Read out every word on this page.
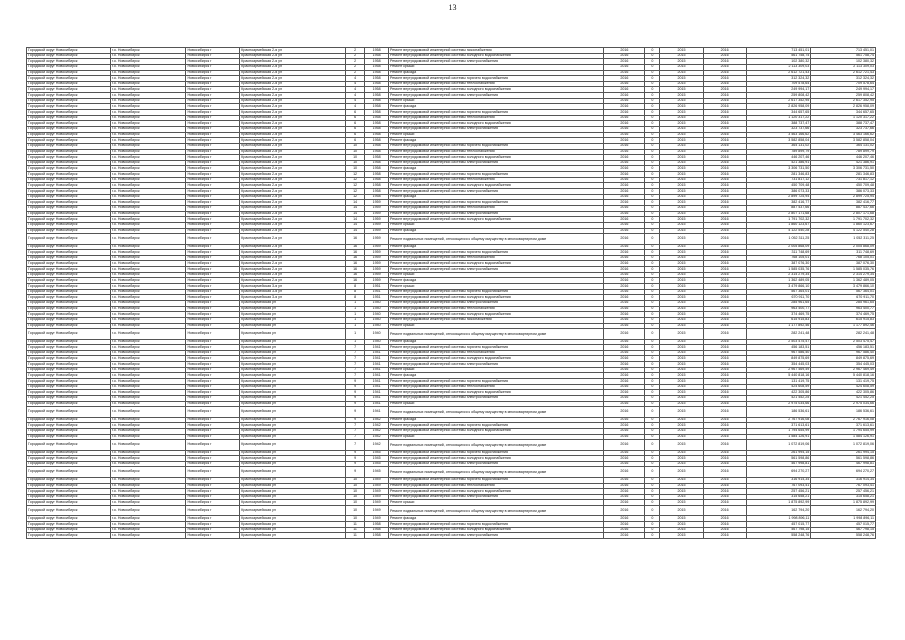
13
Городской округ Новосибирск	г.о. Новосибирск	Новосибирск г	Красноармейская 2-я ул	2	1958	Ремонт внутридомовой инженерной системы газоснабжения	2016	0	2015	2016	713 451,01	713 451,01
Городской округ Новосибирск	г.о. Новосибирск	Новосибирск г	Красноармейская 2-я ул	2	1958	Ремонт внутридомовой инженерной системы холодного водоснабжения	2016	0	2015	2016	561 758,74	561 758,74
Городской округ Новосибирск	г.о. Новосибирск	Новосибирск г	Красноармейская 2-я ул	2	1958	Ремонт внутридомовой инженерной системы электроснабжения	2016	0	2015	2016	102 380,32	102 380,32
Городской округ Новосибирск	г.о. Новосибирск	Новосибирск г	Красноармейская 2-я ул	2	1958	Ремонт крыши	2016	0	2015	2016	2 113 309,03	2 113 309,03
Городской округ Новосибирск	г.о. Новосибирск	Новосибирск г	Красноармейская 2-я ул	2	1958	Ремонт фасада	2016	0	2015	2016	2 612 721,43	2 612 721,43
Городской округ Новосибирск	г.о. Новосибирск	Новосибирск г	Красноармейская 2-я ул	4	1958	Ремонт внутридомовой инженерной системы горячего водоснабжения	2016	0	2015	2016	312 324,32	312 324,32
Городской округ Новосибирск	г.о. Новосибирск	Новосибирск г	Красноармейская 2-я ул	4	1958	Ремонт внутридомовой инженерной системы теплоснабжения	2016	0	2015	2016	709 578,64	709 578,64
Городской округ Новосибирск	г.о. Новосибирск	Новосибирск г	Красноармейская 2-я ул	4	1958	Ремонт внутридомовой инженерной системы холодного водоснабжения	2016	0	2015	2016	249 994,17	249 994,17
Городской округ Новосибирск	г.о. Новосибирск	Новосибирск г	Красноармейская 2-я ул	4	1958	Ремонт внутридомовой инженерной системы электроснабжения	2016	0	2015	2016	259 808,42	259 808,42
Городской округ Новосибирск	г.о. Новосибирск	Новосибирск г	Красноармейская 2-я ул	4	1958	Ремонт крыши	2016	0	2015	2016	2 617 352,95	2 617 352,95
Городской округ Новосибирск	г.о. Новосибирск	Новосибирск г	Красноармейская 2-я ул	4	1958	Ремонт фасада	2016	0	2015	2016	2 826 958,09	2 826 958,09
Городской округ Новосибирск	г.о. Новосибирск	Новосибирск г	Красноармейская 2-я ул	6	1958	Ремонт внутридомовой инженерной системы горячего водоснабжения	2016	0	2015	2016	344 657,65	344 657,65
Городской округ Новосибирск	г.о. Новосибирск	Новосибирск г	Красноармейская 2-я ул	6	1958	Ремонт внутридомовой инженерной системы теплоснабжения	2016	0	2015	2016	1 120 317,22	1 120 317,22
Городской округ Новосибирск	г.о. Новосибирск	Новосибирск г	Красноармейская 2-я ул	6	1958	Ремонт внутридомовой инженерной системы холодного водоснабжения	2016	0	2015	2016	388 737,47	388 737,47
Городской округ Новосибирск	г.о. Новосибирск	Новосибирск г	Красноармейская 2-я ул	6	1958	Ремонт внутридомовой инженерной системы электроснабжения	2016	0	2015	2016	323 737,66	323 737,66
Городской округ Новосибирск	г.о. Новосибирск	Новосибирск г	Красноармейская 2-я ул	6	1958	Ремонт крыши	2016	0	2015	2016	3 463 166,62	3 463 166,62
Городской округ Новосибирск	г.о. Новосибирск	Новосибирск г	Красноармейская 2-я ул	6	1958	Ремонт фасада	2016	0	2015	2016	3 582 858,04	3 582 858,04
Городской округ Новосибирск	г.о. Новосибирск	Новосибирск г	Красноармейская 2-я ул	10	1958	Ремонт внутридомовой инженерной системы горячего водоснабжения	2016	0	2015	2016	364 131,02	364 131,02
Городской округ Новосибирск	г.о. Новосибирск	Новосибирск г	Красноармейская 2-я ул	10	1958	Ремонт внутридомовой инженерной системы теплоснабжения	2016	0	2015	2016	789 899,79	789 899,79
Городской округ Новосибирск	г.о. Новосибирск	Новосибирск г	Красноармейская 2-я ул	10	1958	Ремонт внутридомовой инженерной системы холодного водоснабжения	2016	0	2015	2016	446 207,46	446 207,46
Городской округ Новосибирск	г.о. Новосибирск	Новосибирск г	Красноармейская 2-я ул	10	1958	Ремонт внутридомовой инженерной системы электроснабжения	2016	0	2015	2016	421 386,91	421 386,91
Городской округ Новосибирск	г.о. Новосибирск	Новосибирск г	Красноармейская 2-я ул	10	1958	Ремонт фасада	2016	0	2015	2016	3 306 731,50	3 306 731,50
Городской округ Новосибирск	г.о. Новосибирск	Новосибирск г	Красноармейская 2-я ул	12	1958	Ремонт внутридомовой инженерной системы горячего водоснабжения	2016	0	2015	2016	281 346,83	281 346,83
Городской округ Новосибирск	г.о. Новосибирск	Новосибирск г	Красноармейская 2-я ул	12	1958	Ремонт внутридомовой инженерной системы теплоснабжения	2016	0	2015	2016	731 817,12	731 817,12
Городской округ Новосибирск	г.о. Новосибирск	Новосибирск г	Красноармейская 2-я ул	12	1958	Ремонт внутридомовой инженерной системы холодного водоснабжения	2016	0	2015	2016	450 709,48	450 709,48
Городской округ Новосибирск	г.о. Новосибирск	Новосибирск г	Красноармейская 2-я ул	12	1958	Ремонт внутридомовой инженерной системы электроснабжения	2016	0	2015	2016	386 073,33	386 073,33
Городской округ Новосибирск	г.о. Новосибирск	Новосибирск г	Красноармейская 2-я ул	12	1958	Ремонт фасада	2016	0	2015	2016	2 899 725,94	2 899 725,94
Городской округ Новосибирск	г.о. Новосибирск	Новосибирск г	Красноармейская 2-я ул	14	1959	Ремонт внутридомовой инженерной системы горячего водоснабжения	2016	0	2015	2016	382 416,77	382 416,77
Городской округ Новосибирск	г.о. Новосибирск	Новосибирск г	Красноармейская 2-я ул	14	1959	Ремонт внутридомовой инженерной системы теплоснабжения	2016	0	2015	2016	887 437,66	887 437,66
Городской округ Новосибирск	г.о. Новосибирск	Новосибирск г	Красноармейская 2-я ул	14	1959	Ремонт внутридомовой инженерной системы электроснабжения	2016	0	2015	2016	2 807 171,68	2 807 171,68
Городской округ Новосибирск	г.о. Новосибирск	Новосибирск г	Красноармейская 2-я ул	14	1959	Ремонт внутридомовой инженерной системы холодного водоснабжения	2016	0	2015	2016	1 791 702,32	1 791 702,32
Городской округ Новосибирск	г.о. Новосибирск	Новосибирск г	Красноармейская 2-я ул	14	1959	Ремонт крыши	2016	0	2015	2016	1 860 123,67	1 860 123,67
Городской округ Новосибирск	г.о. Новосибирск	Новосибирск г	Красноармейская 2-я ул	14	1959	Ремонт фасада	2016	0	2015	2016	4 122 540,28	4 122 540,28
Городской округ Новосибирск	г.о. Новосибирск	Новосибирск г	Красноармейская 2-я ул	16	1959	Ремонт подвальных помещений, относящихся к общему имуществу в многоквартирном доме	2016	0	2015	2016	1 052 311,25	1 052 311,25
Городской округ Новосибирск	г.о. Новосибирск	Новосибирск г	Красноармейская 2-я ул	16	1959	Ремонт фасада	2016	0	2015	2016	2 005 868,09	2 005 868,09
Городской округ Новосибирск	г.о. Новосибирск	Новосибирск г	Красноармейская 2-я ул	16	1959	Ремонт внутридомовой инженерной системы горячего водоснабжения	2016	0	2015	2016	311 748,69	311 748,69
Городской округ Новосибирск	г.о. Новосибирск	Новосибирск г	Красноармейская 2-я ул	16	1959	Ремонт внутридомовой инженерной системы теплоснабжения	2016	0	2015	2016	768 105,01	768 105,01
Городской округ Новосибирск	г.о. Новосибирск	Новосибирск г	Красноармейская 2-я ул	16	1959	Ремонт внутридомовой инженерной системы холодного водоснабжения	2016	0	2015	2016	387 076,30	387 076,30
Городской округ Новосибирск	г.о. Новосибирск	Новосибирск г	Красноармейская 2-я ул	16	1959	Ремонт внутридомовой инженерной системы электроснабжения	2016	0	2015	2016	1 585 035,76	1 585 035,76
Городской округ Новосибирск	г.о. Новосибирск	Новосибирск г	Красноармейская 2-я ул	16	1959	Ремонт крыши	2016	0	2015	2016	2 314 279,34	2 314 279,34
Городской округ Новосибирск	г.о. Новосибирск	Новосибирск г	Красноармейская 2-я ул	16	1959	Ремонт фасада	2016	0	2015	2016	1 362 489,05	1 362 489,05
Городской округ Новосибирск	г.о. Новосибирск	Новосибирск г	Красноармейская 3-я ул	8	1951	Ремонт крыши	2016	0	2015	2016	3 479 866,10	3 479 866,10
Городской округ Новосибирск	г.о. Новосибирск	Новосибирск г	Красноармейская 3-я ул	8	1951	Ремонт внутридомовой инженерной системы горячего водоснабжения	2016	0	2015	2016	567 364,01	567 364,01
Городской округ Новосибирск	г.о. Новосибирск	Новосибирск г	Красноармейская 3-я ул	8	1951	Ремонт внутридомовой инженерной системы холодного водоснабжения	2016	0	2015	2016	670 911,70	670 911,70
Городской округ Новосибирск	г.о. Новосибирск	Новосибирск г	Красноармейская ул	1	1940	Ремонт внутридомовой инженерной системы электроснабжения	2016	0	2015	2016	285 961,65	285 961,65
Городской округ Новосибирск	г.о. Новосибирск	Новосибирск г	Красноармейская ул	1	1940	Ремонт внутридомовой инженерной системы теплоснабжения	2016	0	2015	2016	963 400,77	963 400,77
Городской округ Новосибирск	г.о. Новосибирск	Новосибирск г	Красноармейская ул	1	1940	Ремонт внутридомовой инженерной системы холодного водоснабжения	2016	0	2015	2016	374 469,75	374 469,75
Городской округ Новосибирск	г.о. Новосибирск	Новосибирск г	Красноармейская ул	1	1940	Ремонт внутридомовой инженерной системы газоснабжения	2016	0	2015	2016	615 915,83	615 915,83
Городской округ Новосибирск	г.о. Новосибирск	Новосибирск г	Красноармейская ул	1	1940	Ремонт крыши	2016	0	2015	2016	1 177 892,46	1 177 892,46
Городской округ Новосибирск	г.о. Новосибирск	Новосибирск г	Красноармейская ул	1	1940	Ремонт подвальных помещений, относящихся к общему имуществу в многоквартирном доме	2016	0	2015	2016	282 241,48	282 241,48
Городской округ Новосибирск	г.о. Новосибирск	Новосибирск г	Красноармейская ул	1	1940	Ремонт фасада	2016	0	2015	2016	2 503 475,47	2 503 475,47
Городской округ Новосибирск	г.о. Новосибирск	Новосибирск г	Красноармейская ул	7	1941	Ремонт внутридомовой инженерной системы горячего водоснабжения	2016	0	2015	2016	456 183,51	456 183,51
Городской округ Новосибирск	г.о. Новосибирск	Новосибирск г	Красноармейская ул	7	1941	Ремонт внутридомовой инженерной системы теплоснабжения	2016	0	2015	2016	967 586,40	967 586,40
Городской округ Новосибирск	г.о. Новосибирск	Новосибирск г	Красноармейская ул	7	1941	Ремонт внутридомовой инженерной системы холодного водоснабжения	2016	0	2015	2016	849 875,69	849 875,69
Городской округ Новосибирск	г.о. Новосибирск	Новосибирск г	Красноармейская ул	7	1941	Ремонт внутридомовой инженерной системы электроснабжения	2016	0	2015	2016	354 445,03	354 445,03
Городской округ Новосибирск	г.о. Новосибирск	Новосибирск г	Красноармейская ул	7	1941	Ремонт крыши	2016	0	2015	2016	2 967 469,49	2 967 469,49
Городской округ Новосибирск	г.о. Новосибирск	Новосибирск г	Красноармейская ул	7	1941	Ремонт фасада	2016	0	2015	2016	5 440 818,16	5 440 818,16
Городской округ Новосибирск	г.о. Новосибирск	Новосибирск г	Красноармейская ул	9	1941	Ремонт внутридомовой инженерной системы горячего водоснабжения	2016	0	2015	2016	131 419,75	131 419,75
Городской округ Новосибирск	г.о. Новосибирск	Новосибирск г	Красноармейская ул	9	1941	Ремонт внутридомовой инженерной системы теплоснабжения	2016	0	2015	2016	424 608,59	424 608,59
Городской округ Новосибирск	г.о. Новосибирск	Новосибирск г	Красноармейская ул	9	1941	Ремонт внутридомовой инженерной системы холодного водоснабжения	2016	0	2015	2016	422 305,86	422 305,86
Городской округ Новосибирск	г.о. Новосибирск	Новосибирск г	Красноармейская ул	9	1941	Ремонт внутридомовой инженерной системы электроснабжения	2016	0	2015	2016	421 452,25	421 452,25
Городской округ Новосибирск	г.о. Новосибирск	Новосибирск г	Красноармейская ул	9	1941	Ремонт крыши	2016	0	2015	2016	2 975 034,66	2 975 034,66
Городской округ Новосибирск	г.о. Новосибирск	Новосибирск г	Красноармейская ул	9	1941	Ремонт подвальных помещений, относящихся к общему имуществу в многоквартирном доме	2016	0	2015	2016	186 536,61	186 536,61
Городской округ Новосибирск	г.о. Новосибирск	Новосибирск г	Красноармейская ул	9	1942	Ремонт фасада	2016	0	2015	2016	2 767 916,08	2 767 916,08
Городской округ Новосибирск	г.о. Новосибирск	Новосибирск г	Красноармейская ул	7	1942	Ремонт внутридомовой инженерной системы горячего водоснабжения	2016	0	2015	2016	371 613,61	371 613,61
Городской округ Новосибирск	г.о. Новосибирск	Новосибирск г	Красноармейская ул	7	1942	Ремонт внутридомовой инженерной системы холодного водоснабжения	2016	0	2015	2016	1 794 655,99	1 794 655,99
Городской округ Новосибирск	г.о. Новосибирск	Новосибирск г	Красноармейская ул	7	1942	Ремонт крыши	2016	0	2015	2016	1 584 126,91	1 584 126,91
Городской округ Новосибирск	г.о. Новосибирск	Новосибирск г	Красноармейская ул	7	1942	Ремонт подвальных помещений, относящихся к общему имуществу в многоквартирном доме	2016	0	2015	2016	1 072 819,06	1 072 819,06
Городской округ Новосибирск	г.о. Новосибирск	Новосибирск г	Красноармейская ул	9	1945	Ремонт внутридомовой инженерной системы горячего водоснабжения	2016	0	2015	2016	261 994,15	261 994,15
Городской округ Новосибирск	г.о. Новосибирск	Новосибирск г	Красноармейская ул	9	1945	Ремонт внутридомовой инженерной системы холодного водоснабжения	2016	0	2015	2016	561 598,86	561 598,86
Городской округ Новосибирск	г.о. Новосибирск	Новосибирск г	Красноармейская ул	9	1945	Ремонт внутридомовой инженерной системы электроснабжения	2016	0	2015	2016	467 998,81	467 998,81
Городской округ Новосибирск	г.о. Новосибирск	Новосибирск г	Красноармейская ул	9	1945	Ремонт подвальных помещений, относящихся к общему имуществу в многоквартирном доме	2016	0	2015	2016	694 270,27	694 270,27
Городской округ Новосибирск	г.о. Новосибирск	Новосибирск г	Красноармейская ул	10	1949	Ремонт внутридомовой инженерной системы горячего водоснабжения	2016	0	2015	2016	316 914,34	316 914,34
Городской округ Новосибирск	г.о. Новосибирск	Новосибирск г	Красноармейская ул	10	1949	Ремонт внутридомовой инженерной системы теплоснабжения	2016	0	2015	2016	767 093,41	767 093,41
Городской округ Новосибирск	г.о. Новосибирск	Новосибирск г	Красноармейская ул	10	1949	Ремонт внутридомовой инженерной системы холодного водоснабжения	2016	0	2015	2016	257 456,21	257 456,21
Городской округ Новосибирск	г.о. Новосибирск	Новосибирск г	Красноармейская ул	10	1949	Ремонт внутридомовой инженерной системы электроснабжения	2016	0	2015	2016	315 658,21	315 658,21
Городской округ Новосибирск	г.о. Новосибирск	Новосибирск г	Красноармейская ул	10	1949	Ремонт крыши	2016	0	2015	2016	1 875 892,99	1 875 892,99
Городской округ Новосибирск	г.о. Новосибирск	Новосибирск г	Красноармейская ул	10	1949	Ремонт подвальных помещений, относящихся к общему имуществу в многоквартирном доме	2016	0	2015	2016	162 794,20	162 794,20
Городской округ Новосибирск	г.о. Новосибирск	Новосибирск г	Красноармейская ул	10	1949	Ремонт фасада	2016	0	2015	2016	1 998 896,11	1 998 896,11
Городской округ Новосибирск	г.о. Новосибирск	Новосибирск г	Красноармейская ул	11	1958	Ремонт внутридомовой инженерной системы горячего водоснабжения	2016	0	2015	2016	457 015,77	457 015,77
Городской округ Новосибирск	г.о. Новосибирск	Новосибирск г	Красноармейская ул	11	1958	Ремонт внутридомовой инженерной системы холодного водоснабжения	2016	0	2015	2016	467 798,15	467 798,15
Городской округ Новосибирск	г.о. Новосибирск	Новосибирск г	Красноармейская ул	11	1958	Ремонт внутридомовой инженерной системы электроснабжения	2016	0	2015	2016	558 248,76	558 248,76
